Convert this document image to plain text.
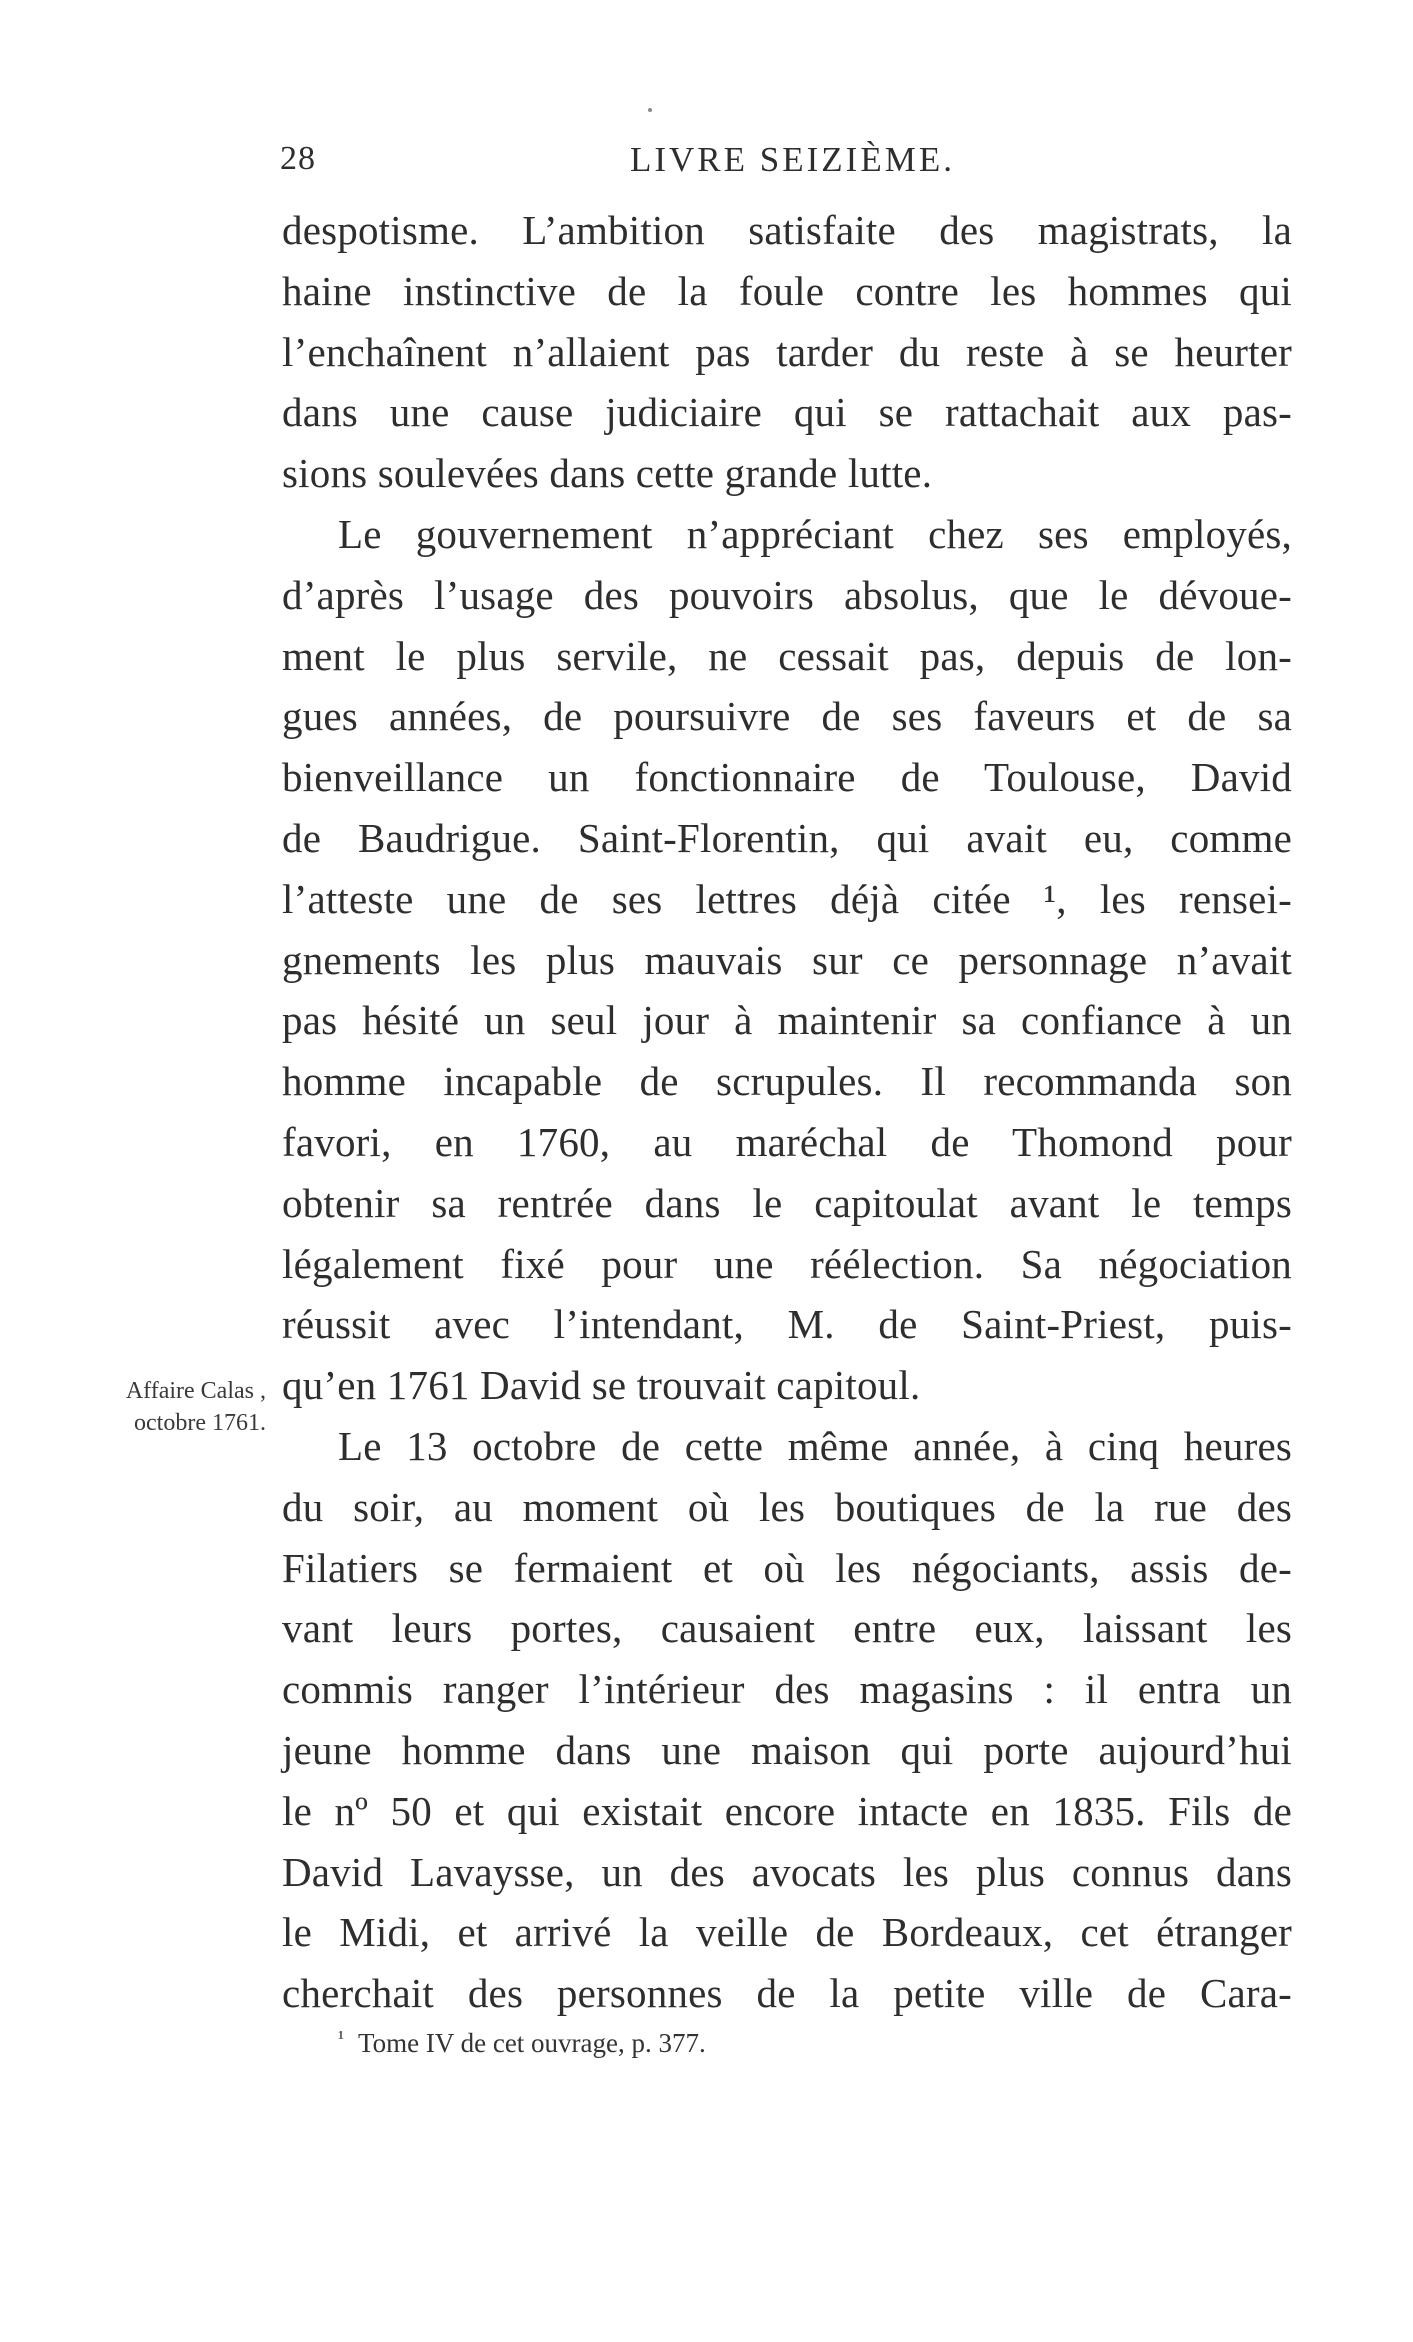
28	LIVRE SEIZIÈME.
despotisme. L’ambition satisfaite des magistrats, la
haine instinctive de la foule contre les hommes qui
l’enchaînent n’allaient pas tarder du reste à se heurter
dans une cause judiciaire qui se rattachait aux pas-
sions soulevées dans cette grande lutte.
Le gouvernement n’appréciant chez ses employés,
d’après l’usage des pouvoirs absolus, que le dévoue-
ment le plus servile, ne cessait pas, depuis de lon-
gues années, de poursuivre de ses faveurs et de sa
bienveillance un fonctionnaire de Toulouse, David
de Baudrigue. Saint-Florentin, qui avait eu, comme
l’atteste une de ses lettres déjà citée ¹, les rensei-
gnements les plus mauvais sur ce personnage n’avait
pas hésité un seul jour à maintenir sa confiance à un
homme incapable de scrupules. Il recommanda son
favori, en 1760, au maréchal de Thomond pour
obtenir sa rentrée dans le capitoulat avant le temps
légalement fixé pour une réélection. Sa négociation
réussit avec l’intendant, M. de Saint-Priest, puis-
qu’en 1761 David se trouvait capitoul.
Le 13 octobre de cette même année, à cinq heures
du soir, au moment où les boutiques de la rue des
Filatiers se fermaient et où les négociants, assis de-
vant leurs portes, causaient entre eux, laissant les
commis ranger l’intérieur des magasins : il entra un
jeune homme dans une maison qui porte aujourd’hui
le nº 50 et qui existait encore intacte en 1835. Fils de
David Lavaysse, un des avocats les plus connus dans
le Midi, et arrivé la veille de Bordeaux, cet étranger
cherchait des personnes de la petite ville de Cara-
Affaire Calas ,
octobre 1761.
$^{^1}$ Tome IV de cet ouvrage, p. 377.
